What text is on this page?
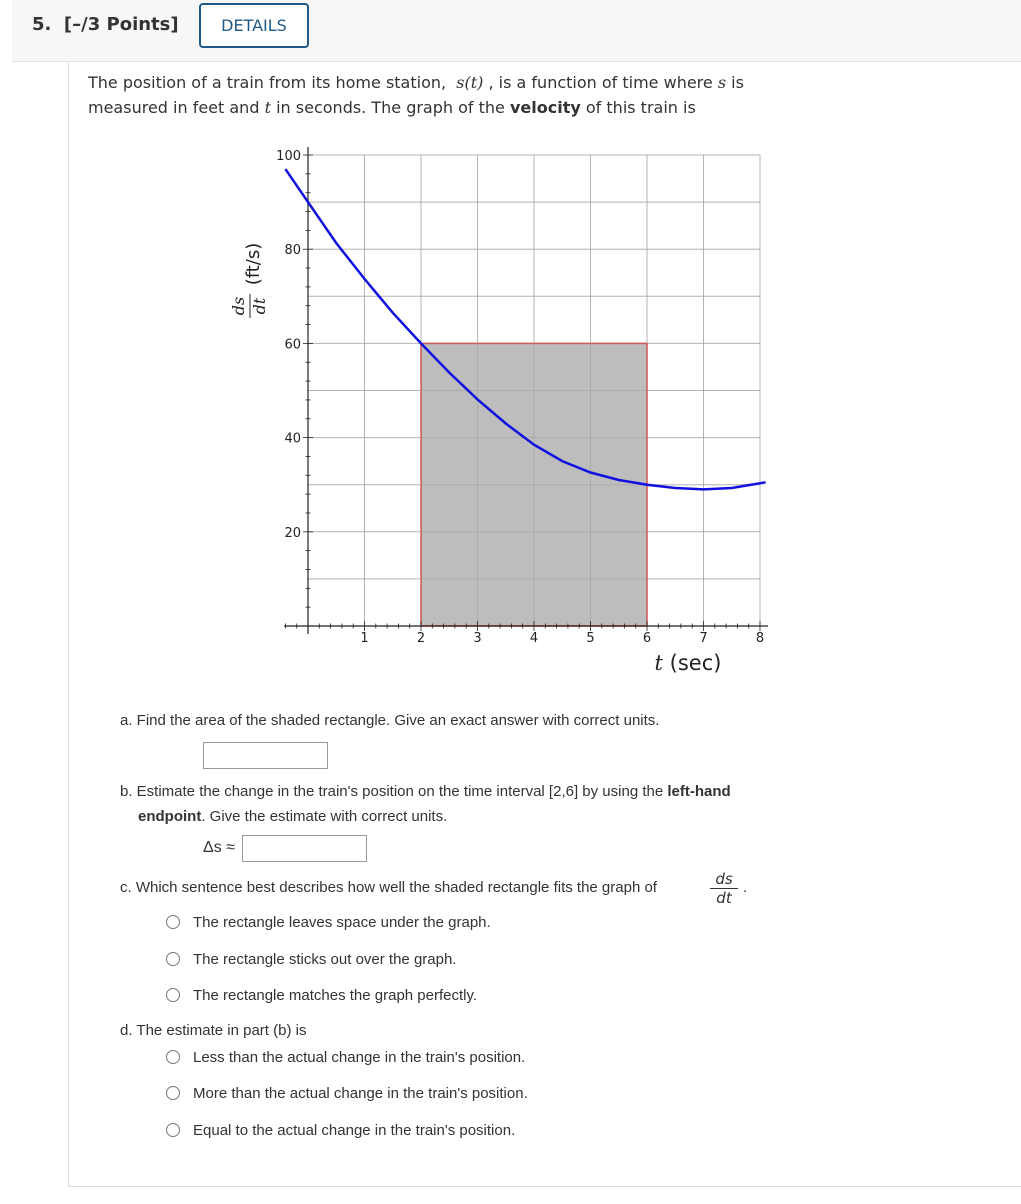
5. [–/3 Points]	DETAILS
The position of a train from its home station, s(t) , is a function of time where s is measured in feet and t in seconds. The graph of the velocity of this train is
1	2	3	4	5	6	7	8
20
40
60
80
100
t (sec)
ds dt
(ft/s)
a. Find the area of the shaded rectangle. Give an exact answer with correct units.
b. Estimate the change in the train's position on the time interval [2,6] by using the left-hand
endpoint. Give the estimate with correct units.
Δs ≈
c. Which sentence best describes how well the shaded rectangle fits the graph of	$\frac{ds}{dt}$ .
The rectangle leaves space under the graph.
The rectangle sticks out over the graph.
The rectangle matches the graph perfectly.
d. The estimate in part (b) is
Less than the actual change in the train's position.
More than the actual change in the train's position.
Equal to the actual change in the train's position.
